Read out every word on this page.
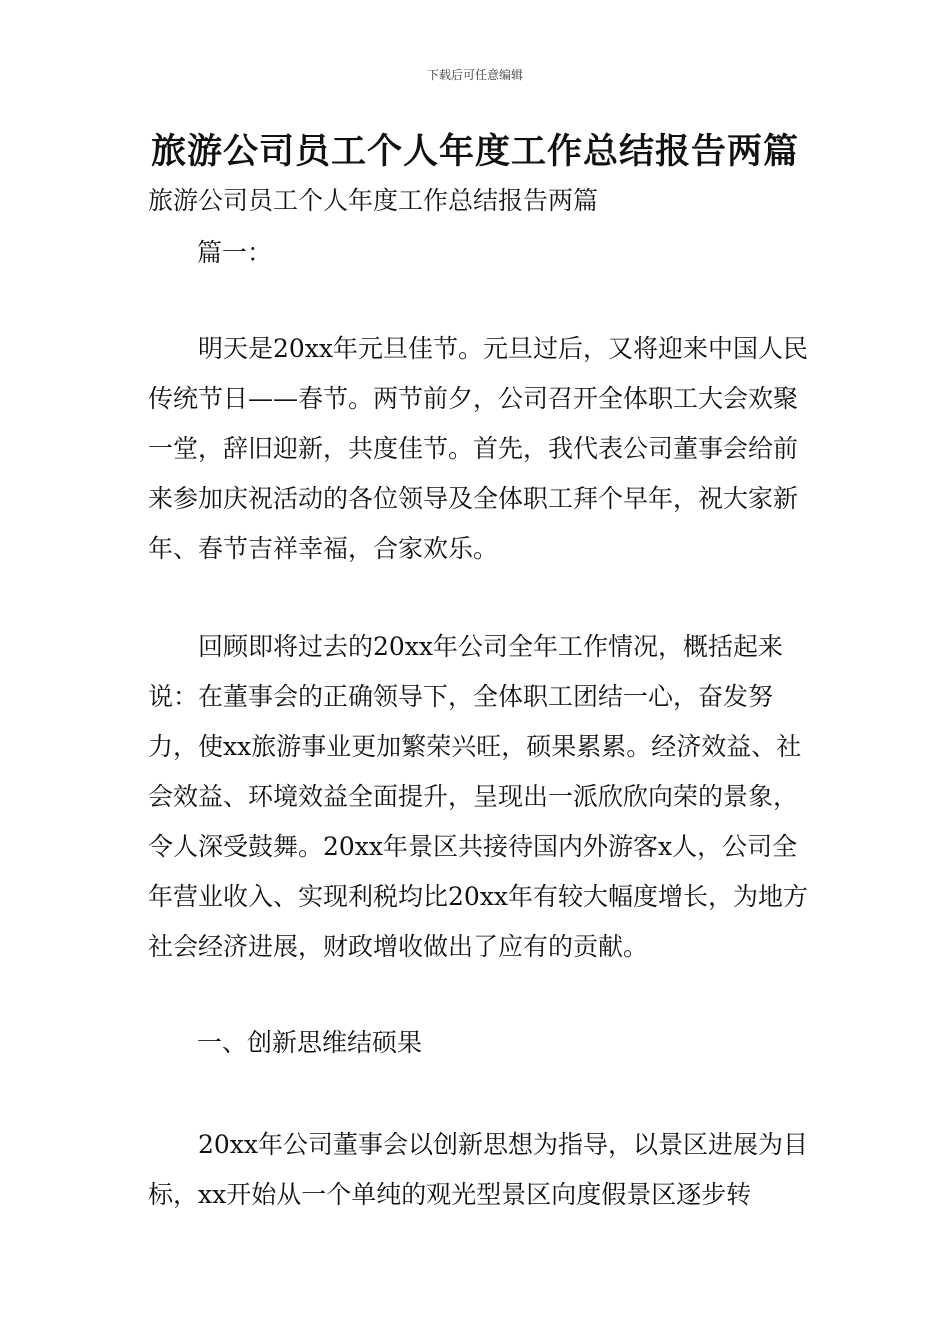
下载后可任意编辑
旅游公司员工个人年度工作总结报告两篇
旅游公司员工个人年度工作总结报告两篇
篇一：

明天是20xx年元旦佳节。元旦过后，又将迎来中国人民传统节日——春节。两节前夕，公司召开全体职工大会欢聚一堂，辞旧迎新，共度佳节。首先，我代表公司董事会给前来参加庆祝活动的各位领导及全体职工拜个早年，祝大家新年、春节吉祥幸福，合家欢乐。

回顾即将过去的20xx年公司全年工作情况，概括起来说：在董事会的正确领导下，全体职工团结一心，奋发努力，使xx旅游事业更加繁荣兴旺，硕果累累。经济效益、社会效益、环境效益全面提升，呈现出一派欣欣向荣的景象，令人深受鼓舞。20xx年景区共接待国内外游客x人，公司全年营业收入、实现利税均比20xx年有较大幅度增长，为地方社会经济进展，财政增收做出了应有的贡献。

一、创新思维结硕果

20xx年公司董事会以创新思想为指导，以景区进展为目标，xx开始从一个单纯的观光型景区向度假景区逐步转
